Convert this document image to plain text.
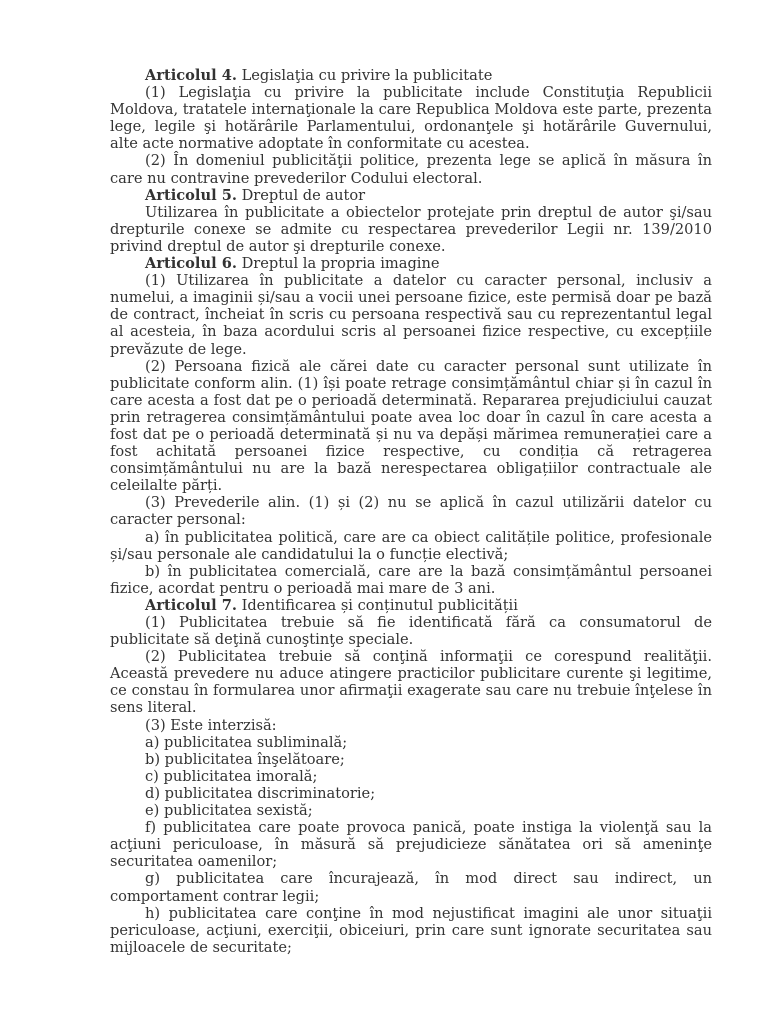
Articolul 4. Legislaţia cu privire la publicitate

(1) Legislaţia cu privire la publicitate include Constituţia Republicii Moldova, tratatele internaţionale la care Republica Moldova este parte, prezenta lege, legile şi hotărârile Parlamentului, ordonanţele şi hotărârile Guvernului, alte acte normative adoptate în conformitate cu acestea.

(2) În domeniul publicităţii politice, prezenta lege se aplică în măsura în care nu contravine prevederilor Codului electoral.

Articolul 5. Dreptul de autor

Utilizarea în publicitate a obiectelor protejate prin dreptul de autor şi/sau drepturile conexe se admite cu respectarea prevederilor Legii nr. 139/2010 privind dreptul de autor şi drepturile conexe.

Articolul 6. Dreptul la propria imagine

(1) Utilizarea în publicitate a datelor cu caracter personal, inclusiv a numelui, a imaginii și/sau a vocii unei persoane fizice, este permisă doar pe bază de contract, încheiat în scris cu persoana respectivă sau cu reprezentantul legal al acesteia, în baza acordului scris al persoanei fizice respective, cu excepțiile prevăzute de lege.

(2) Persoana fizică ale cărei date cu caracter personal sunt utilizate în publicitate conform alin. (1) își poate retrage consimțământul chiar și în cazul în care acesta a fost dat pe o perioadă determinată. Repararea prejudiciului cauzat prin retragerea consimțământului poate avea loc doar în cazul în care acesta a fost dat pe o perioadă determinată și nu va depăși mărimea remunerației care a fost achitată persoanei fizice respective, cu condiția că retragerea consimțământului nu are la bază nerespectarea obligațiilor contractuale ale celeilalte părți.

(3) Prevederile alin. (1) și (2) nu se aplică în cazul utilizării datelor cu caracter personal:

a) în publicitatea politică, care are ca obiect calitățile politice, profesionale și/sau personale ale candidatului la o funcție electivă;

b) în publicitatea comercială, care are la bază consimțământul persoanei fizice, acordat pentru o perioadă mai mare de 3 ani.

Articolul 7. Identificarea și conținutul publicității

(1) Publicitatea trebuie să fie identificată fără ca consumatorul de publicitate să deţină cunoştinţe speciale.

(2) Publicitatea trebuie să conţină informaţii ce corespund realităţii. Această prevedere nu aduce atingere practicilor publicitare curente şi legitime, ce constau în formularea unor afirmaţii exagerate sau care nu trebuie înţelese în sens literal.

(3) Este interzisă:

a) publicitatea subliminală;

b) publicitatea înşelătoare;

c) publicitatea imorală;

d) publicitatea discriminatorie;

e) publicitatea sexistă;

f) publicitatea care poate provoca panică, poate instiga la violenţă sau la acţiuni periculoase, în măsură să prejudicieze sănătatea ori să ameninţe securitatea oamenilor;

g) publicitatea care încurajează, în mod direct sau indirect, un comportament contrar legii;

h) publicitatea care conţine în mod nejustificat imagini ale unor situaţii periculoase, acţiuni, exerciţii, obiceiuri, prin care sunt ignorate securitatea sau mijloacele de securitate;
